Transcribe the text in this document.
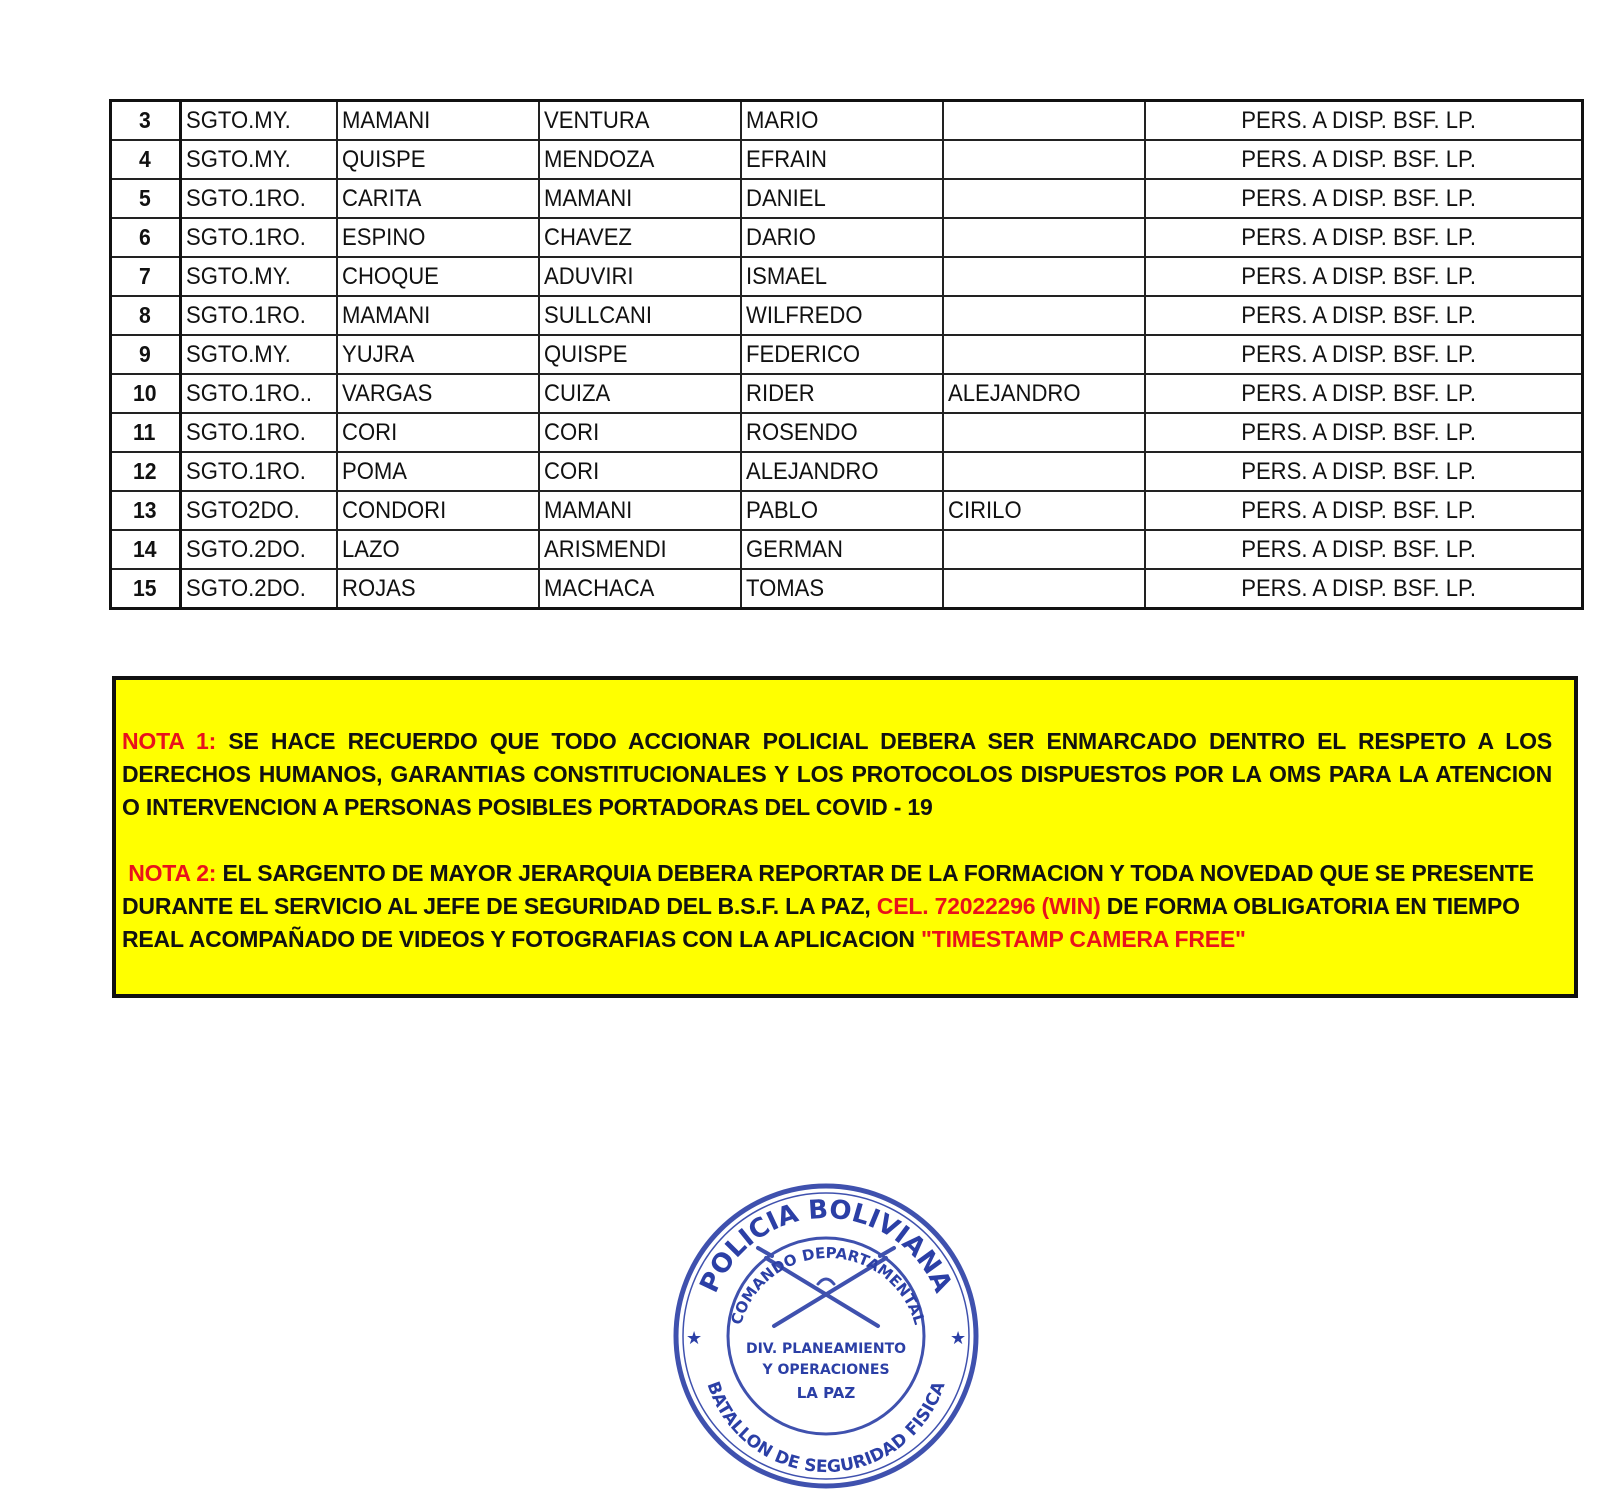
3	SGTO.MY.	MAMANI	VENTURA	MARIO		PERS. A DISP. BSF. LP.
4	SGTO.MY.	QUISPE	MENDOZA	EFRAIN		PERS. A DISP. BSF. LP.
5	SGTO.1RO.	CARITA	MAMANI	DANIEL		PERS. A DISP. BSF. LP.
6	SGTO.1RO.	ESPINO	CHAVEZ	DARIO		PERS. A DISP. BSF. LP.
7	SGTO.MY.	CHOQUE	ADUVIRI	ISMAEL		PERS. A DISP. BSF. LP.
8	SGTO.1RO.	MAMANI	SULLCANI	WILFREDO		PERS. A DISP. BSF. LP.
9	SGTO.MY.	YUJRA	QUISPE	FEDERICO		PERS. A DISP. BSF. LP.
10	SGTO.1RO..	VARGAS	CUIZA	RIDER	ALEJANDRO	PERS. A DISP. BSF. LP.
11	SGTO.1RO.	CORI	CORI	ROSENDO		PERS. A DISP. BSF. LP.
12	SGTO.1RO.	POMA	CORI	ALEJANDRO		PERS. A DISP. BSF. LP.
13	SGTO2DO.	CONDORI	MAMANI	PABLO	CIRILO	PERS. A DISP. BSF. LP.
14	SGTO.2DO.	LAZO	ARISMENDI	GERMAN		PERS. A DISP. BSF. LP.
15	SGTO.2DO.	ROJAS	MACHACA	TOMAS		PERS. A DISP. BSF. LP.
NOTA 1: SE HACE RECUERDO QUE TODO ACCIONAR POLICIAL DEBERA SER ENMARCADO DENTRO EL RESPETO A LOS DERECHOS HUMANOS, GARANTIAS CONSTITUCIONALES Y LOS PROTOCOLOS DISPUESTOS POR LA OMS PARA LA ATENCION O INTERVENCION A PERSONAS POSIBLES PORTADORAS DEL COVID - 19
NOTA 2: EL SARGENTO DE MAYOR JERARQUIA DEBERA REPORTAR DE LA FORMACION Y TODA NOVEDAD QUE SE PRESENTE DURANTE EL SERVICIO AL JEFE DE SEGURIDAD DEL B.S.F. LA PAZ, CEL. 72022296 (WIN) DE FORMA OBLIGATORIA EN TIEMPO REAL ACOMPAÑADO DE VIDEOS Y FOTOGRAFIAS CON LA APLICACION "TIMESTAMP CAMERA FREE"
POLICIA BOLIVIANA
COMANDO DEPARTAMENTAL
BATALLON DE SEGURIDAD FISICA
DIV. PLANEAMIENTO
Y OPERACIONES
LA PAZ
★	★
